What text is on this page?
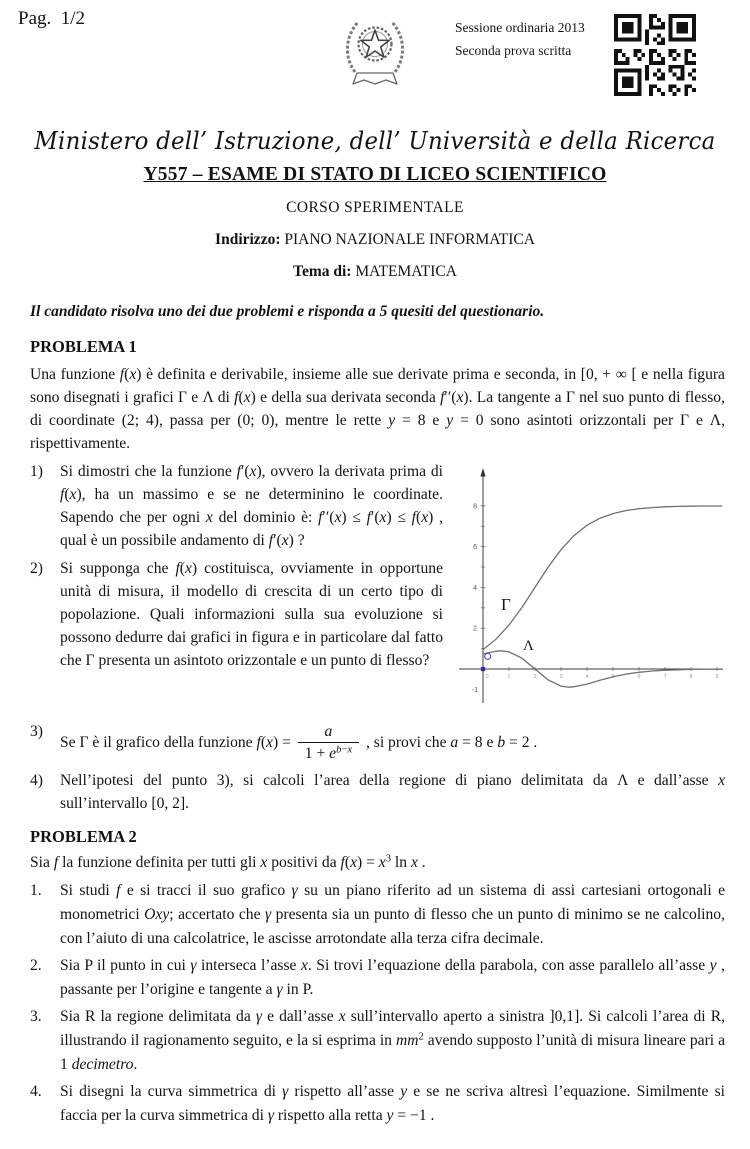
Pag.  1/2	Sessione ordinaria 2013
Seconda prova scritta
Ministero dell’ Istruzione, dell’ Università e della Ricerca
Y557 – ESAME DI STATO DI LICEO SCIENTIFICO
CORSO SPERIMENTALE
Indirizzo: PIANO NAZIONALE INFORMATICA
Tema di: MATEMATICA
Il candidato risolva uno dei due problemi e risponda a 5 quesiti del questionario.
PROBLEMA 1
Una funzione f(x) è definita e derivabile, insieme alle sue derivate prima e seconda, in [0, + ∞ [ e nella figura sono disegnati i grafici Γ e Λ di f(x) e della sua derivata seconda f′′(x). La tangente a Γ nel suo punto di flesso, di coordinate (2; 4), passa per (0; 0), mentre le rette y = 8 e y = 0 sono asintoti orizzontali per Γ e Λ, rispettivamente.
0	1	2	3	4	5	6	7	8	9
2
4
6
8
-1
Γ
Λ
1) Si dimostri che la funzione f′(x), ovvero la derivata prima di f(x), ha un massimo e se ne determinino le coordinate. Sapendo che per ogni x del dominio è: f′′(x) ≤ f′(x) ≤ f(x) , qual è un possibile andamento di f′(x) ?
2) Si supponga che f(x) costituisca, ovviamente in opportune unità di misura, il modello di crescita di un certo tipo di popolazione. Quali informazioni sulla sua evoluzione si possono dedurre dai grafici in figura e in particolare dal fatto che Γ presenta un asintoto orizzontale e un punto di flesso?
3)
Se Γ è il grafico della funzione $f(x) = \frac{a}{1 + e^{b-x}}$ , si provi che a = 8 e b = 2 .
4) Nell’ipotesi del punto 3), si calcoli l’area della regione di piano delimitata da Λ e dall’asse x sull’intervallo [0, 2].
PROBLEMA 2
Sia f la funzione definita per tutti gli x positivi da $f(x) = x^3$ ln x .
1. Si studi f e si tracci il suo grafico γ su un piano riferito ad un sistema di assi cartesiani ortogonali e monometrici Oxy; accertato che γ presenta sia un punto di flesso che un punto di minimo se ne calcolino, con l’aiuto di una calcolatrice, le ascisse arrotondate alla terza cifra decimale.
2. Sia P il punto in cui γ interseca l’asse x. Si trovi l’equazione della parabola, con asse parallelo all’asse y , passante per l’origine e tangente a γ in P.
3. Sia R la regione delimitata da γ e dall’asse x sull’intervallo aperto a sinistra ]0,1]. Si calcoli l’area di R, illustrando il ragionamento seguito, e la si esprima in $mm^2$ avendo supposto l’unità di misura lineare pari a 1 decimetro.
4. Si disegni la curva simmetrica di γ rispetto all’asse y e se ne scriva altresì l’equazione. Similmente si faccia per la curva simmetrica di γ rispetto alla retta y = −1 .
